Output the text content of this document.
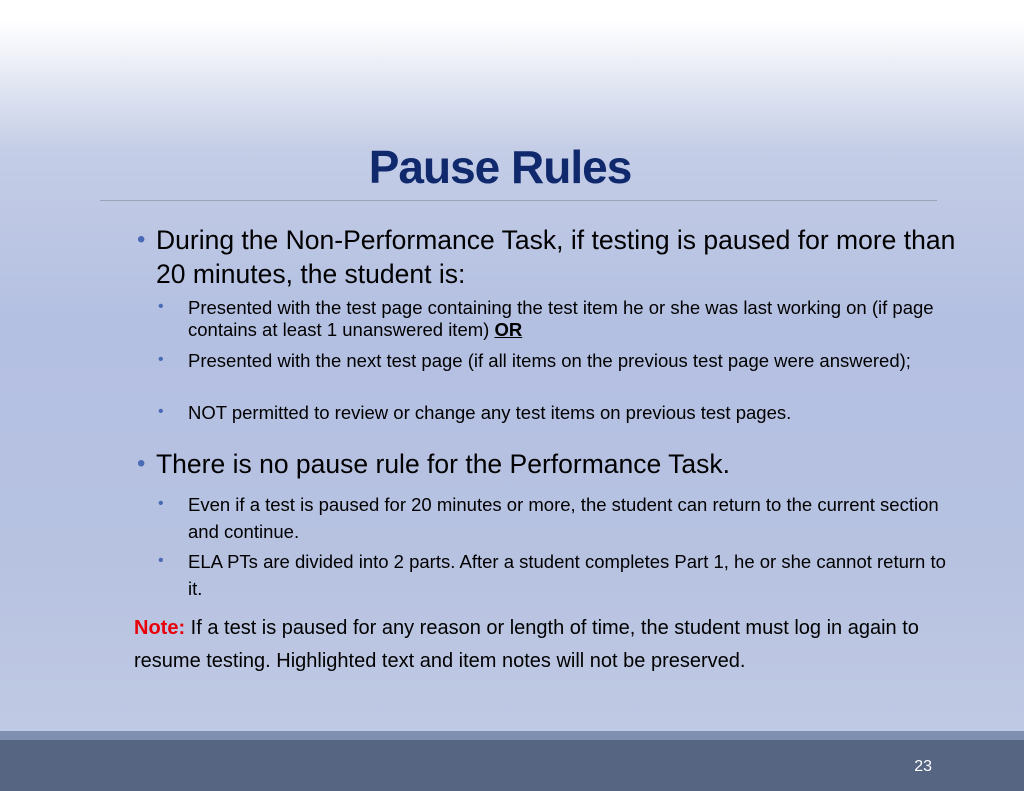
Pause Rules
• During the Non-Performance Task, if testing is paused for more than 20 minutes, the student is:
• Presented with the test page containing the test item he or she was last working on (if page contains at least 1 unanswered item) OR
• Presented with the next test page (if all items on the previous test page were answered);
• NOT permitted to review or change any test items on previous test pages.
• There is no pause rule for the Performance Task.
• Even if a test is paused for 20 minutes or more, the student can return to the current section and continue.
• ELA PTs are divided into 2 parts. After a student completes Part 1, he or she cannot return to it.
Note: If a test is paused for any reason or length of time, the student must log in again to resume testing. Highlighted text and item notes will not be preserved.
23
